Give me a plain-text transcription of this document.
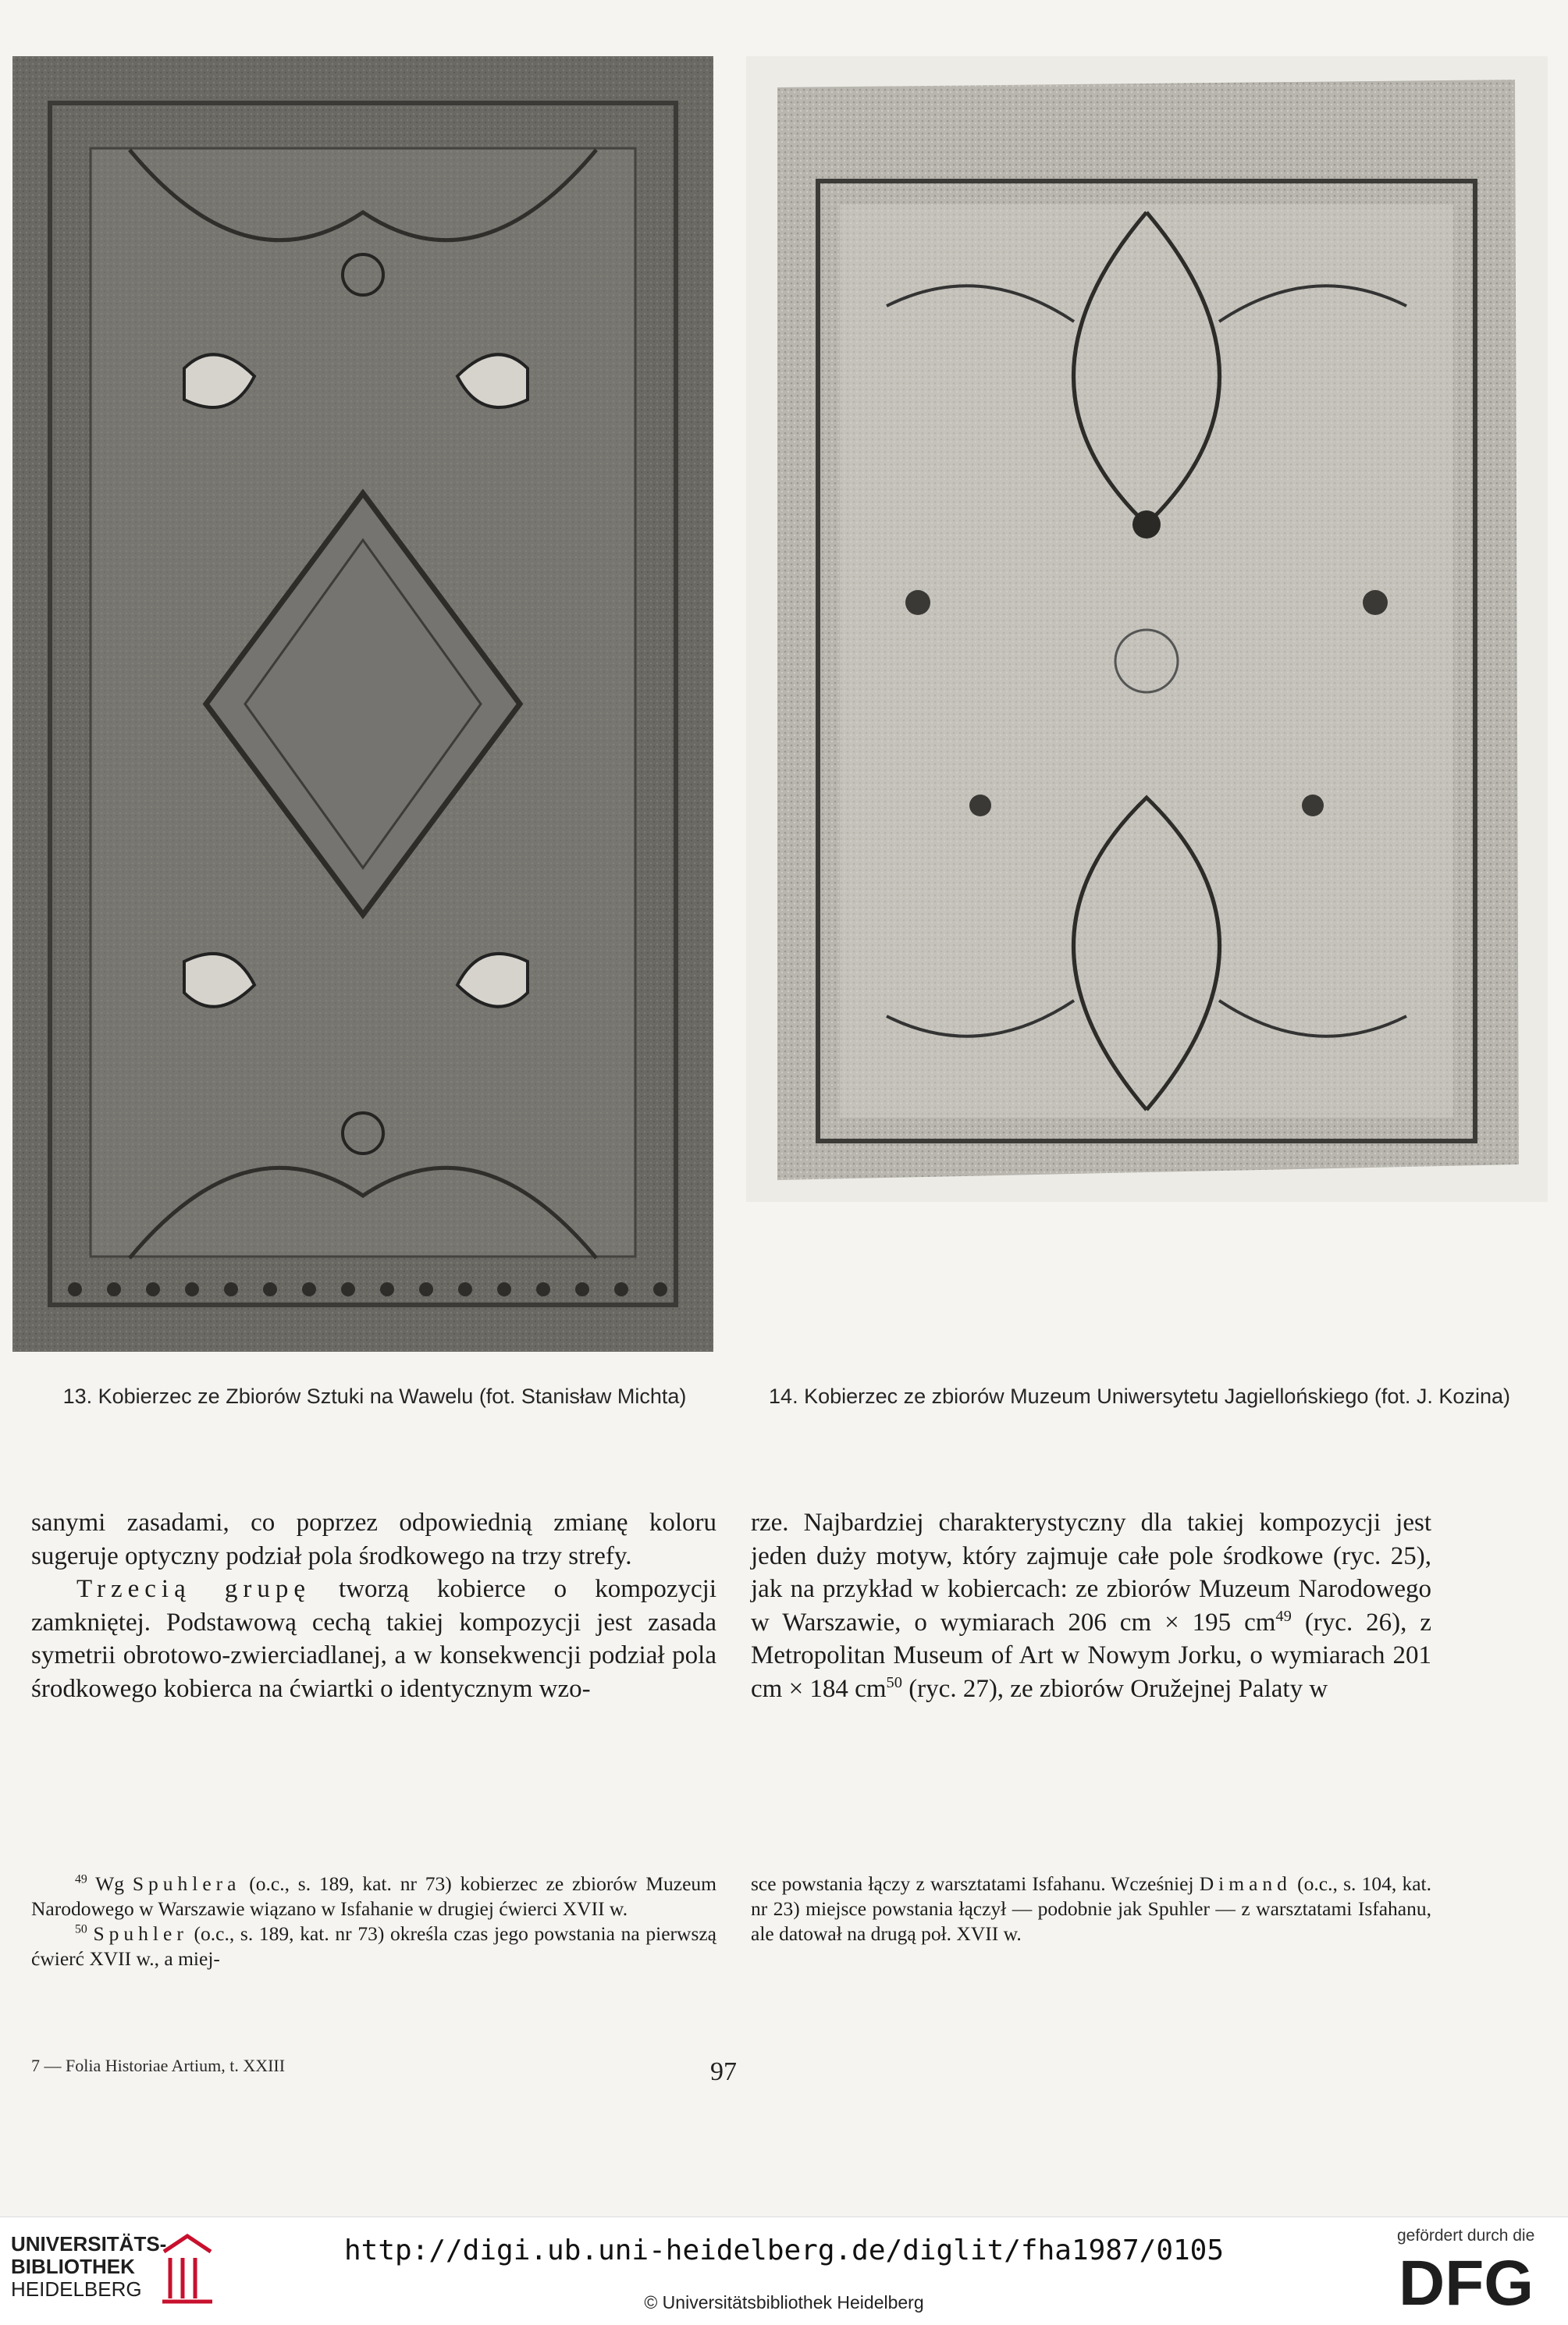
13. Kobierzec ze Zbiorów Sztuki na Wawelu (fot. Stanisław Michta)	14. Kobierzec ze zbiorów Muzeum Uniwersytetu Jagiellońskiego (fot. J. Kozina)

sanymi zasadami, co poprzez odpowiednią zmianę koloru sugeruje optyczny podział pola środkowego na trzy strefy.

Trzecią grupę tworzą kobierce o kompozycji zamkniętej. Podstawową cechą takiej kompozycji jest zasada symetrii obrotowo-zwierciadlanej, a w konsekwencji podział pola środkowego kobierca na ćwiartki o identycznym wzo-

rze. Najbardziej charakterystyczny dla takiej kompozycji jest jeden duży motyw, który zajmuje całe pole środkowe (ryc. 25), jak na przykład w kobiercach: ze zbiorów Muzeum Narodowego w Warszawie, o wymiarach 206 cm × 195 $cm^{49}$ (ryc. 26), z Metropolitan Museum of Art w Nowym Jorku, o wymiarach 201 cm × 184 $cm^{50}$ (ryc. 27), ze zbiorów Oružejnej Palaty w

$^{49}$ Wg Spuhlera (o.c., s. 189, kat. nr 73) kobierzec ze zbiorów Muzeum Narodowego w Warszawie wiązano w Isfahanie w drugiej ćwierci XVII w.

$^{50}$ Spuhler (o.c., s. 189, kat. nr 73) określa czas jego powstania na pierwszą ćwierć XVII w., a miej-

sce powstania łączy z warsztatami Isfahanu. Wcześniej Dimand (o.c., s. 104, kat. nr 23) miejsce powstania łączył — podobnie jak Spuhler — z warsztatami Isfahanu, ale datował na drugą poł. XVII w.

7 — Folia Historiae Artium, t. XXIII	97
UNIVERSITÄTS-
BIBLIOTHEK
HEIDELBERG
http://digi.ub.uni-heidelberg.de/diglit/fha1987/0105
© Universitätsbibliothek Heidelberg
gefördert durch die
DFG
